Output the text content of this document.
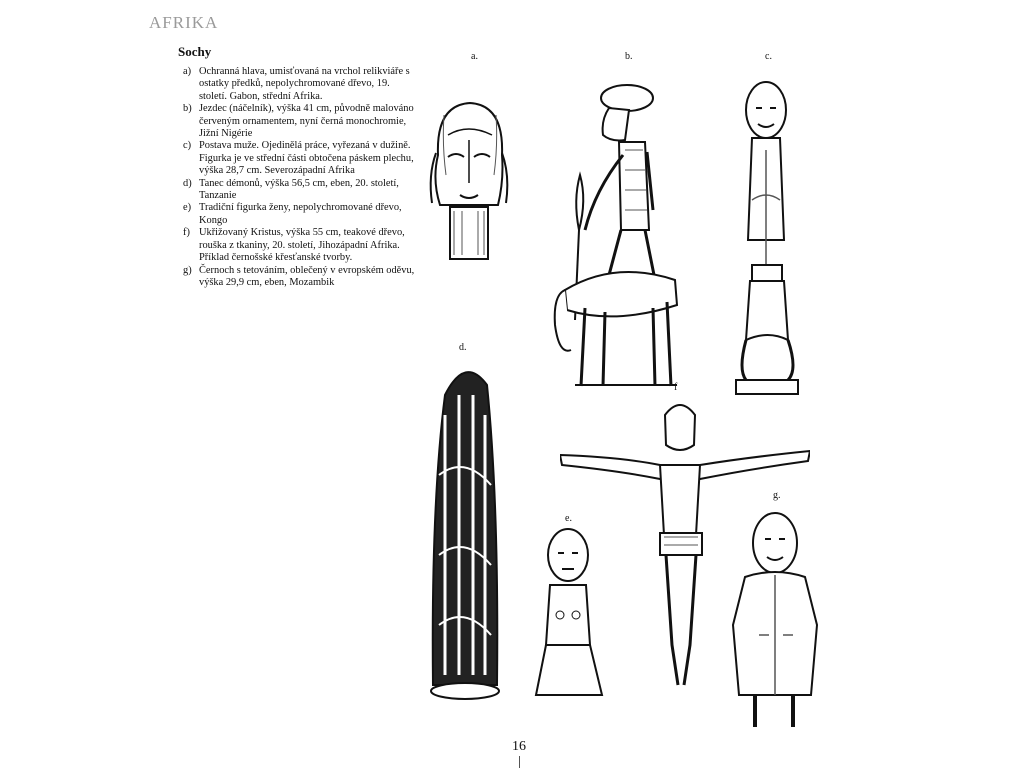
AFRIKA
Sochy
a) Ochranná hlava, umisťovaná na vrchol relikviáře s ostatky předků, nepolychromované dřevo, 19. století. Gabon, střední Afrika.
b) Jezdec (náčelník), výška 41 cm, původně malováno červeným ornamentem, nyní černá monochromie, Jižní Nigérie
c) Postava muže. Ojedinělá práce, vyřezaná v dužině. Figurka je ve střední části obtočena páskem plechu, výška 28,7 cm. Severozápadní Afrika
d) Tanec démonů, výška 56,5 cm, eben, 20. století, Tanzanie
e) Tradiční figurka ženy, nepolychromované dřevo, Kongo
f) Ukřižovaný Kristus, výška 55 cm, teakové dřevo, rouška z tkaniny, 20. století, Jihozápadní Afrika. Příklad černošské křesťanské tvorby.
g) Černoch s tetováním, oblečený v evropském oděvu, výška 29,9 cm, eben, Mozambik
a.	b.	c.
d.
f
e.
g.
16
